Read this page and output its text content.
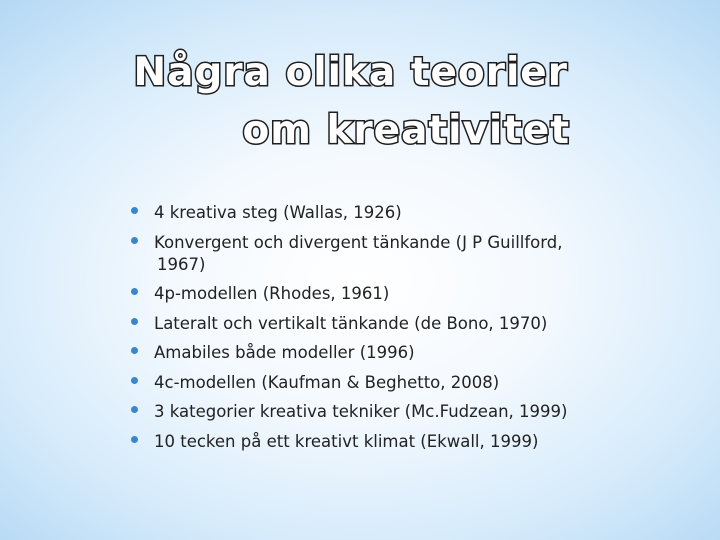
Några olika teorier
om kreativitet
4 kreativa steg (Wallas, 1926)
Konvergent och divergent tänkande (J P Guillford,
1967)
4p-modellen (Rhodes, 1961)
Lateralt och vertikalt tänkande (de Bono, 1970)
Amabiles både modeller (1996)
4c-modellen (Kaufman & Beghetto, 2008)
3 kategorier kreativa tekniker (Mc.Fudzean, 1999)
10 tecken på ett kreativt klimat (Ekwall, 1999)
